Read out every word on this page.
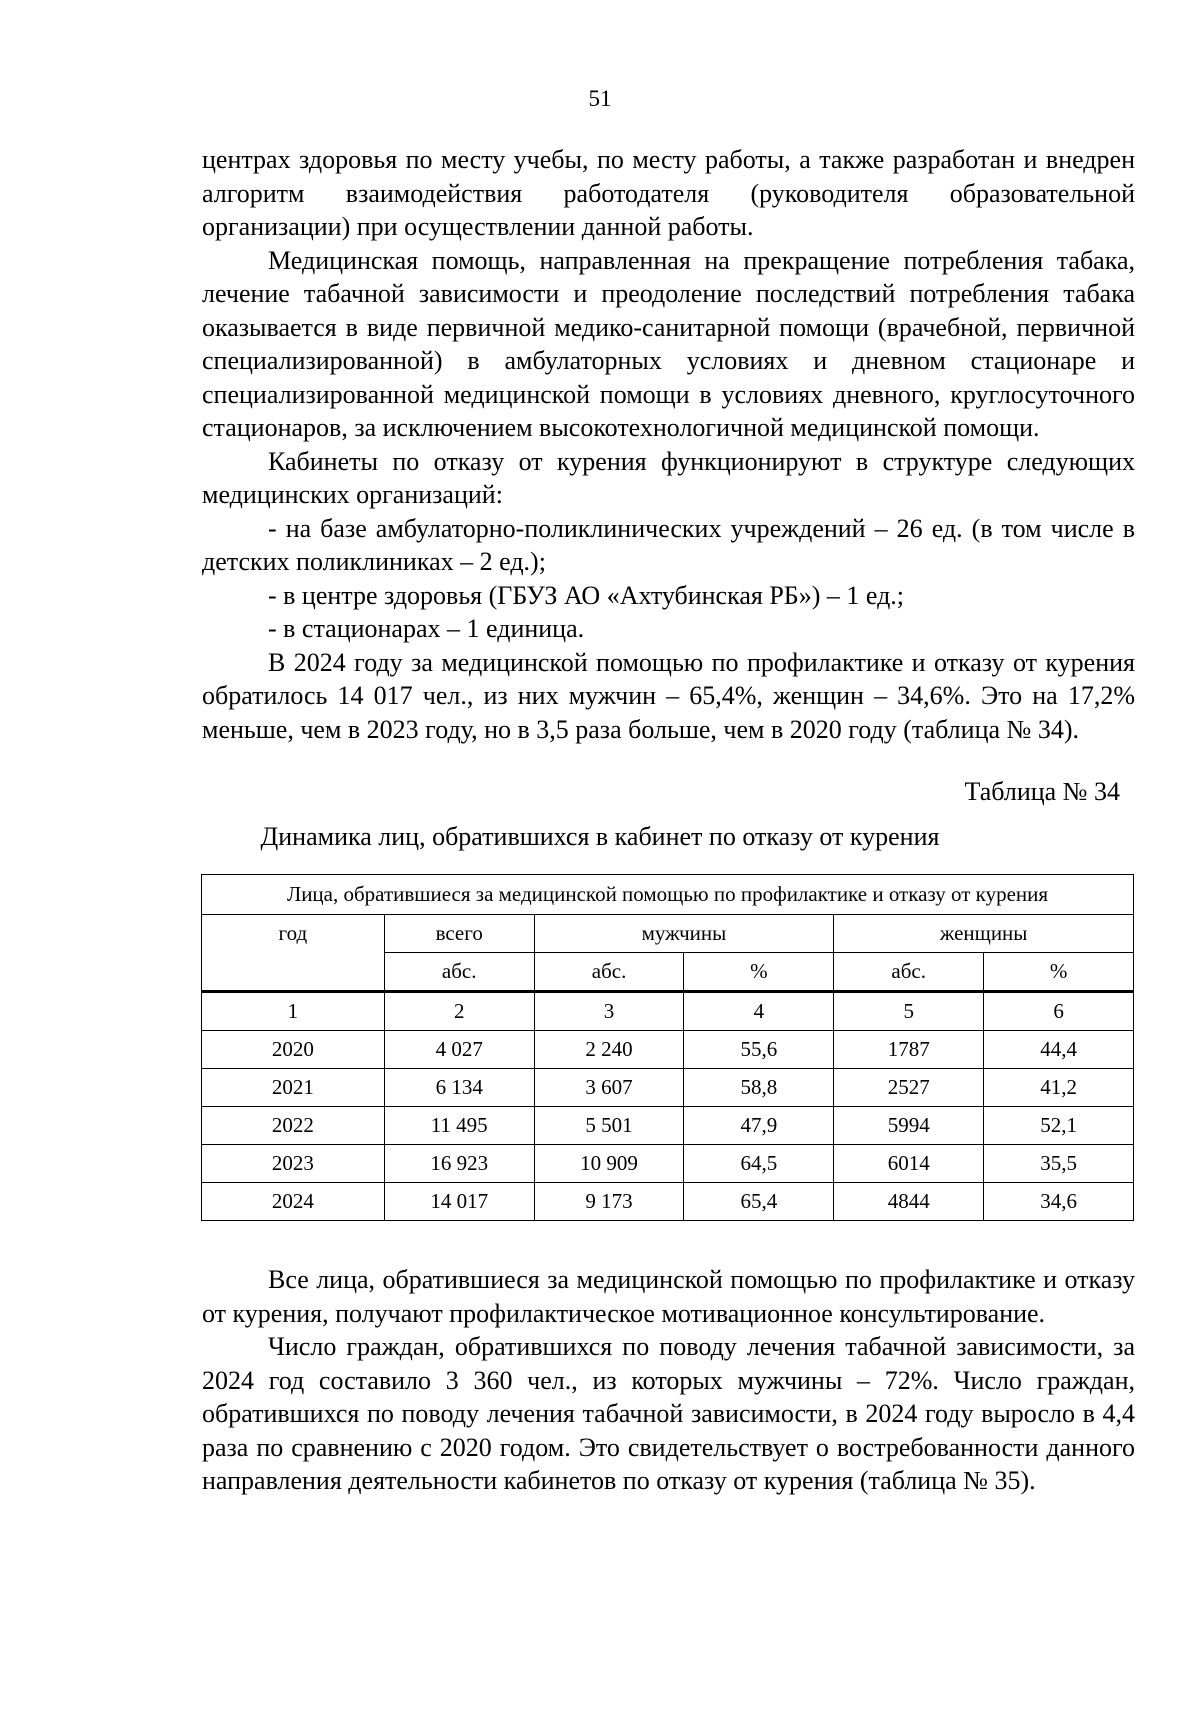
51

центрах здоровья по месту учебы, по месту работы, а также разработан и внедрен алгоритм взаимодействия работодателя (руководителя образовательной организации) при осуществлении данной работы.

Медицинская помощь, направленная на прекращение потребления табака, лечение табачной зависимости и преодоление последствий потребления табака оказывается в виде первичной медико-санитарной помощи (врачебной, первичной специализированной) в амбулаторных условиях и дневном стационаре и специализированной медицинской помощи в условиях дневного, круглосуточного стационаров, за исключением высокотехнологичной медицинской помощи.

Кабинеты по отказу от курения функционируют в структуре следующих медицинских организаций:

- на базе амбулаторно-поликлинических учреждений – 26 ед. (в том числе в детских поликлиниках – 2 ед.);

- в центре здоровья (ГБУЗ АО «Ахтубинская РБ») – 1 ед.;

- в стационарах – 1 единица.

В 2024 году за медицинской помощью по профилактике и отказу от курения обратилось 14 017 чел., из них мужчин – 65,4%, женщин – 34,6%. Это на 17,2% меньше, чем в 2023 году, но в 3,5 раза больше, чем в 2020 году (таблица № 34).

Таблица № 34
Динамика лиц, обратившихся в кабинет по отказу от курения
Лица, обратившиеся за медицинской помощью по профилактике и отказу от курения					
год	всего	мужчины		женщины	
	абс.	абс.	%	абс.	%
1	2	3	4	5	6
2020	4 027	2 240	55,6	1787	44,4
2021	6 134	3 607	58,8	2527	41,2
2022	11 495	5 501	47,9	5994	52,1
2023	16 923	10 909	64,5	6014	35,5
2024	14 017	9 173	65,4	4844	34,6

Все лица, обратившиеся за медицинской помощью по профилактике и отказу от курения, получают профилактическое мотивационное консультирование.

Число граждан, обратившихся по поводу лечения табачной зависимости, за 2024 год составило 3 360 чел., из которых мужчины – 72%. Число граждан, обратившихся по поводу лечения табачной зависимости, в 2024 году выросло в 4,4 раза по сравнению с 2020 годом. Это свидетельствует о востребованности данного направления деятельности кабинетов по отказу от курения (таблица № 35).
